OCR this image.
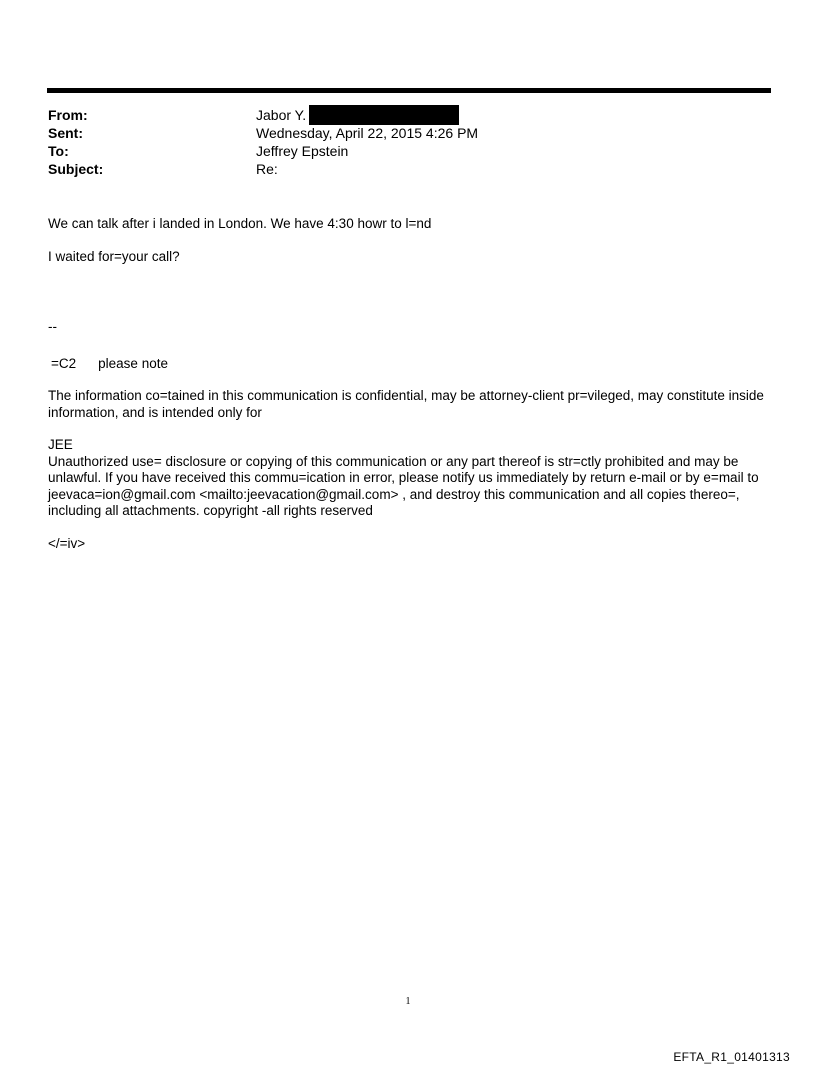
From:	Jabor Y.
Sent:	Wednesday, April 22, 2015 4:26 PM
To:	Jeffrey Epstein
Subject:	Re:

We can talk after i landed in London. We have 4:30 howr to l=nd

I waited for=your call?

--

=C2 please note

The information co=tained in this communication is confidential, may be attorney-client pr=vileged, may constitute inside information, and is intended only for

JEE

Unauthorized use= disclosure or copying of this communication or any part thereof is str=ctly prohibited and may be unlawful. If you have received this commu=ication in error, please notify us immediately by return e-mail or by e=mail to jeevaca=ion@gmail.com <mailto:jeevacation@gmail.com> , and destroy this communication and all copies thereo=, including all attachments. copyright -all rights reserved

</=iv>

1
EFTA_R1_01401313
